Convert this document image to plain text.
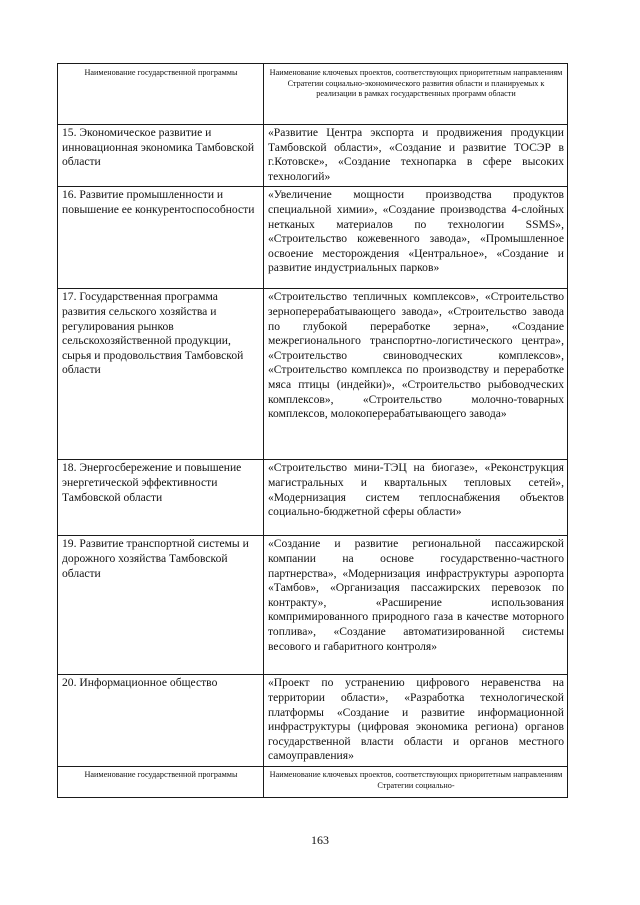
Наименование государственной программы	Наименование ключевых проектов, соответствующих приоритетным направлениям Стратегии социально-экономического развития области и планируемых к реализации в рамках государственных программ области
15. Экономическое развитие и инновационная экономика Тамбовской области	«Развитие Центра экспорта и продвижения продукции Тамбовской области», «Создание и развитие ТОСЭР в г.Котовске», «Создание технопарка в сфере высоких технологий»
16. Развитие промышленности и повышение ее конкурентоспособности	«Увеличение мощности производства продуктов специальной химии», «Создание производства 4-слойных нетканых материалов по технологии SSMS», «Строительство кожевенного завода», «Промышленное освоение месторождения «Центральное», «Создание и развитие индустриальных парков»
17. Государственная программа развития сельского хозяйства и регулирования рынков сельскохозяйственной продукции, сырья и продовольствия Тамбовской области	«Строительство тепличных комплексов», «Строительство зерноперерабатывающего завода», «Строительство завода по глубокой переработке зерна», «Создание межрегионального транспортно-логистического центра», «Строительство свиноводческих комплексов», «Строительство комплекса по производству и переработке мяса птицы (индейки)», «Строительство рыбоводческих комплексов», «Строительство молочно-товарных комплексов, молокоперерабатывающего завода»
18. Энергосбережение и повышение энергетической эффективности Тамбовской области	«Строительство мини-ТЭЦ на биогазе», «Реконструкция магистральных и квартальных тепловых сетей», «Модернизация систем теплоснабжения объектов социально-бюджетной сферы области»
19. Развитие транспортной системы и дорожного хозяйства Тамбовской области	«Создание и развитие региональной пассажирской компании на основе государственно-частного партнерства», «Модернизация инфраструктуры аэропорта «Тамбов», «Организация пассажирских перевозок по контракту», «Расширение использования компримированного природного газа в качестве моторного топлива», «Создание автоматизированной системы весового и габаритного контроля»
20. Информационное общество	«Проект по устранению цифрового неравенства на территории области», «Разработка технологической платформы «Создание и развитие информационной инфраструктуры (цифровая экономика региона) органов государственной власти области и органов местного самоуправления»
Наименование государственной программы	Наименование ключевых проектов, соответствующих приоритетным направлениям Стратегии социально-
163
